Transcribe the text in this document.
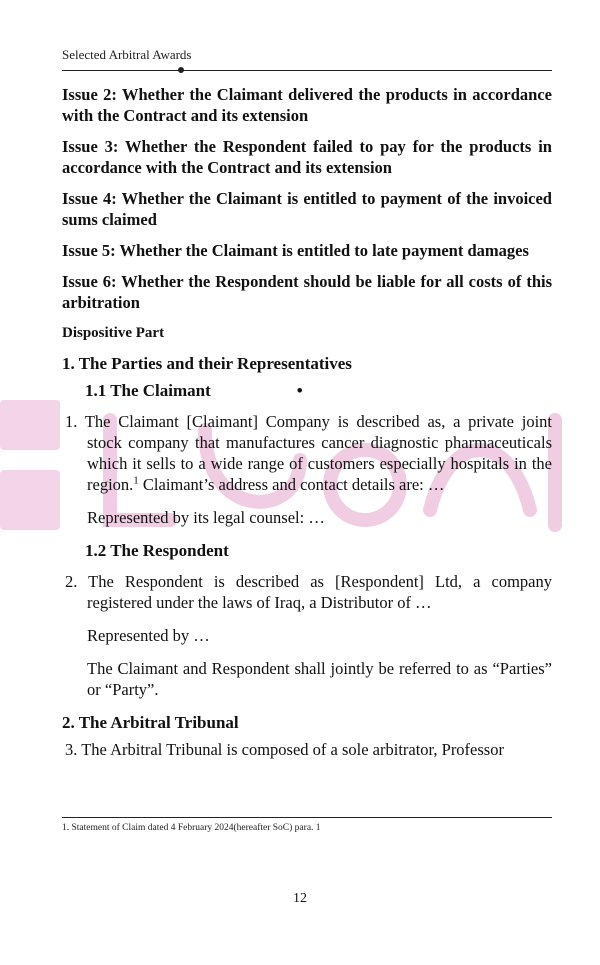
Selected Arbitral Awards

Issue 2: Whether the Claimant delivered the products in accordance with the Contract and its extension

Issue 3: Whether the Respondent failed to pay for the products in accordance with the Contract and its extension

Issue 4: Whether the Claimant is entitled to payment of the invoiced sums claimed

Issue 5: Whether the Claimant is entitled to late payment damages

Issue 6: Whether the Respondent should be liable for all costs of this arbitration

Dispositive Part

1. The Parties and their Representatives

1.1 The Claimant	•

1. The Claimant [Claimant] Company is described as, a private joint stock company that manufactures cancer diagnostic pharmaceuticals which it sells to a wide range of customers especially hospitals in the region.$^1$ Claimant’s address and contact details are: …

Represented by its legal counsel: …

1.2 The Respondent

2. The Respondent is described as [Respondent] Ltd, a company registered under the laws of Iraq, a Distributor of …

Represented by …

The Claimant and Respondent shall jointly be referred to as “Parties” or “Party”.

2. The Arbitral Tribunal

3. The Arbitral Tribunal is composed of a sole arbitrator, Professor

1. Statement of Claim dated 4 February 2024(hereafter SoC) para. 1
12
